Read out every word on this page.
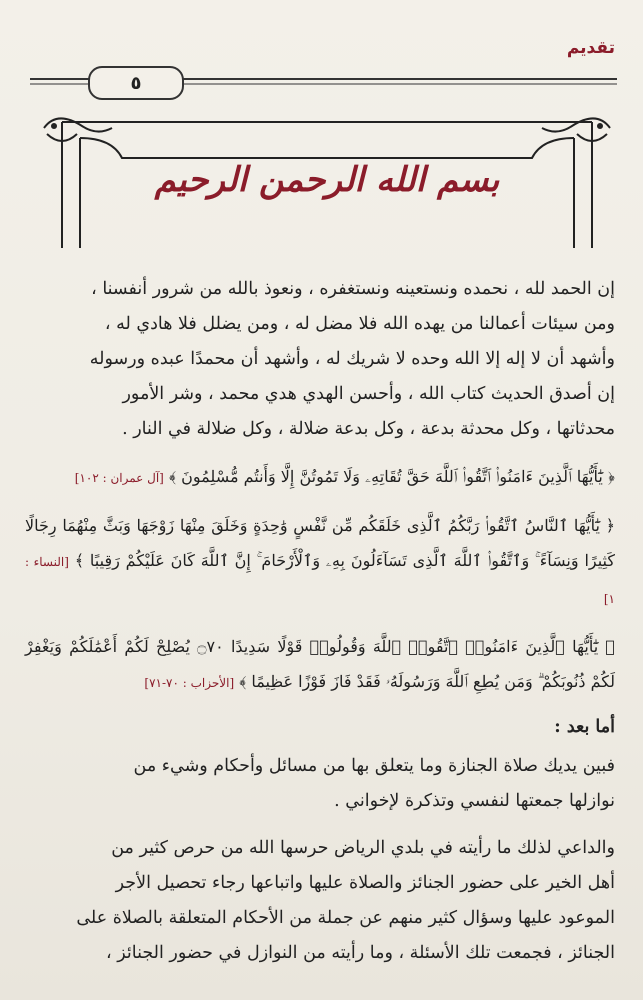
تقديم
٥
بسم الله الرحمن الرحيم

إن الحمد لله ، نحمده ونستعينه ونستغفره ، ونعوذ بالله من شرور أنفسنا ،

ومن سيئات أعمالنا من يهده الله فلا مضل له ، ومن يضلل فلا هادي له ،

وأشهد أن لا إله إلا الله وحده لا شريك له ، وأشهد أن محمدًا عبده ورسوله

إن أصدق الحديث كتاب الله ، وأحسن الهدي هدي محمد ، وشر الأمور

محدثاتها ، وكل محدثة بدعة ، وكل بدعة ضلالة ، وكل ضلالة في النار .

﴿ يَٰٓأَيُّهَا ٱلَّذِينَ ءَامَنُوا۟ ٱتَّقُوا۟ ٱللَّهَ حَقَّ تُقَاتِهِۦ وَلَا تَمُوتُنَّ إِلَّا وَأَنتُم مُّسْلِمُونَ ﴾ [آل عمران : ١٠٢]

﴿ يَٰٓأَيُّهَا ٱلنَّاسُ ٱتَّقُوا۟ رَبَّكُمُ ٱلَّذِى خَلَقَكُم مِّن نَّفْسٍ وَٰحِدَةٍ وَخَلَقَ مِنْهَا زَوْجَهَا وَبَثَّ مِنْهُمَا رِجَالًا كَثِيرًا وَنِسَآءً ۚ وَٱتَّقُوا۟ ٱللَّهَ ٱلَّذِى تَسَآءَلُونَ بِهِۦ وَٱلْأَرْحَامَ ۚ إِنَّ ٱللَّهَ كَانَ عَلَيْكُمْ رَقِيبًا ﴾ [النساء : ١]

﴿ يَٰٓأَيُّهَا ٱلَّذِينَ ءَامَنُوا۟ ٱتَّقُوا۟ ٱللَّهَ وَقُولُوا۟ قَوْلًا سَدِيدًا ۝٧٠ يُصْلِحْ لَكُمْ أَعْمَٰلَكُمْ وَيَغْفِرْ لَكُمْ ذُنُوبَكُمْ ۗ وَمَن يُطِعِ ٱللَّهَ وَرَسُولَهُۥ فَقَدْ فَازَ فَوْزًا عَظِيمًا ﴾ [الأحزاب : ٧٠-٧١]

أما بعد :

فبين يديك صلاة الجنازة وما يتعلق بها من مسائل وأحكام وشيء من

نوازلها جمعتها لنفسي وتذكرة لإخواني .

والداعي لذلك ما رأيته في بلدي الرياض حرسها الله من حرص كثير من

أهل الخير على حضور الجنائز والصلاة عليها واتباعها رجاء تحصيل الأجر

الموعود عليها وسؤال كثير منهم عن جملة من الأحكام المتعلقة بالصلاة على

الجنائز ، فجمعت تلك الأسئلة ، وما رأيته من النوازل في حضور الجنائز ،
